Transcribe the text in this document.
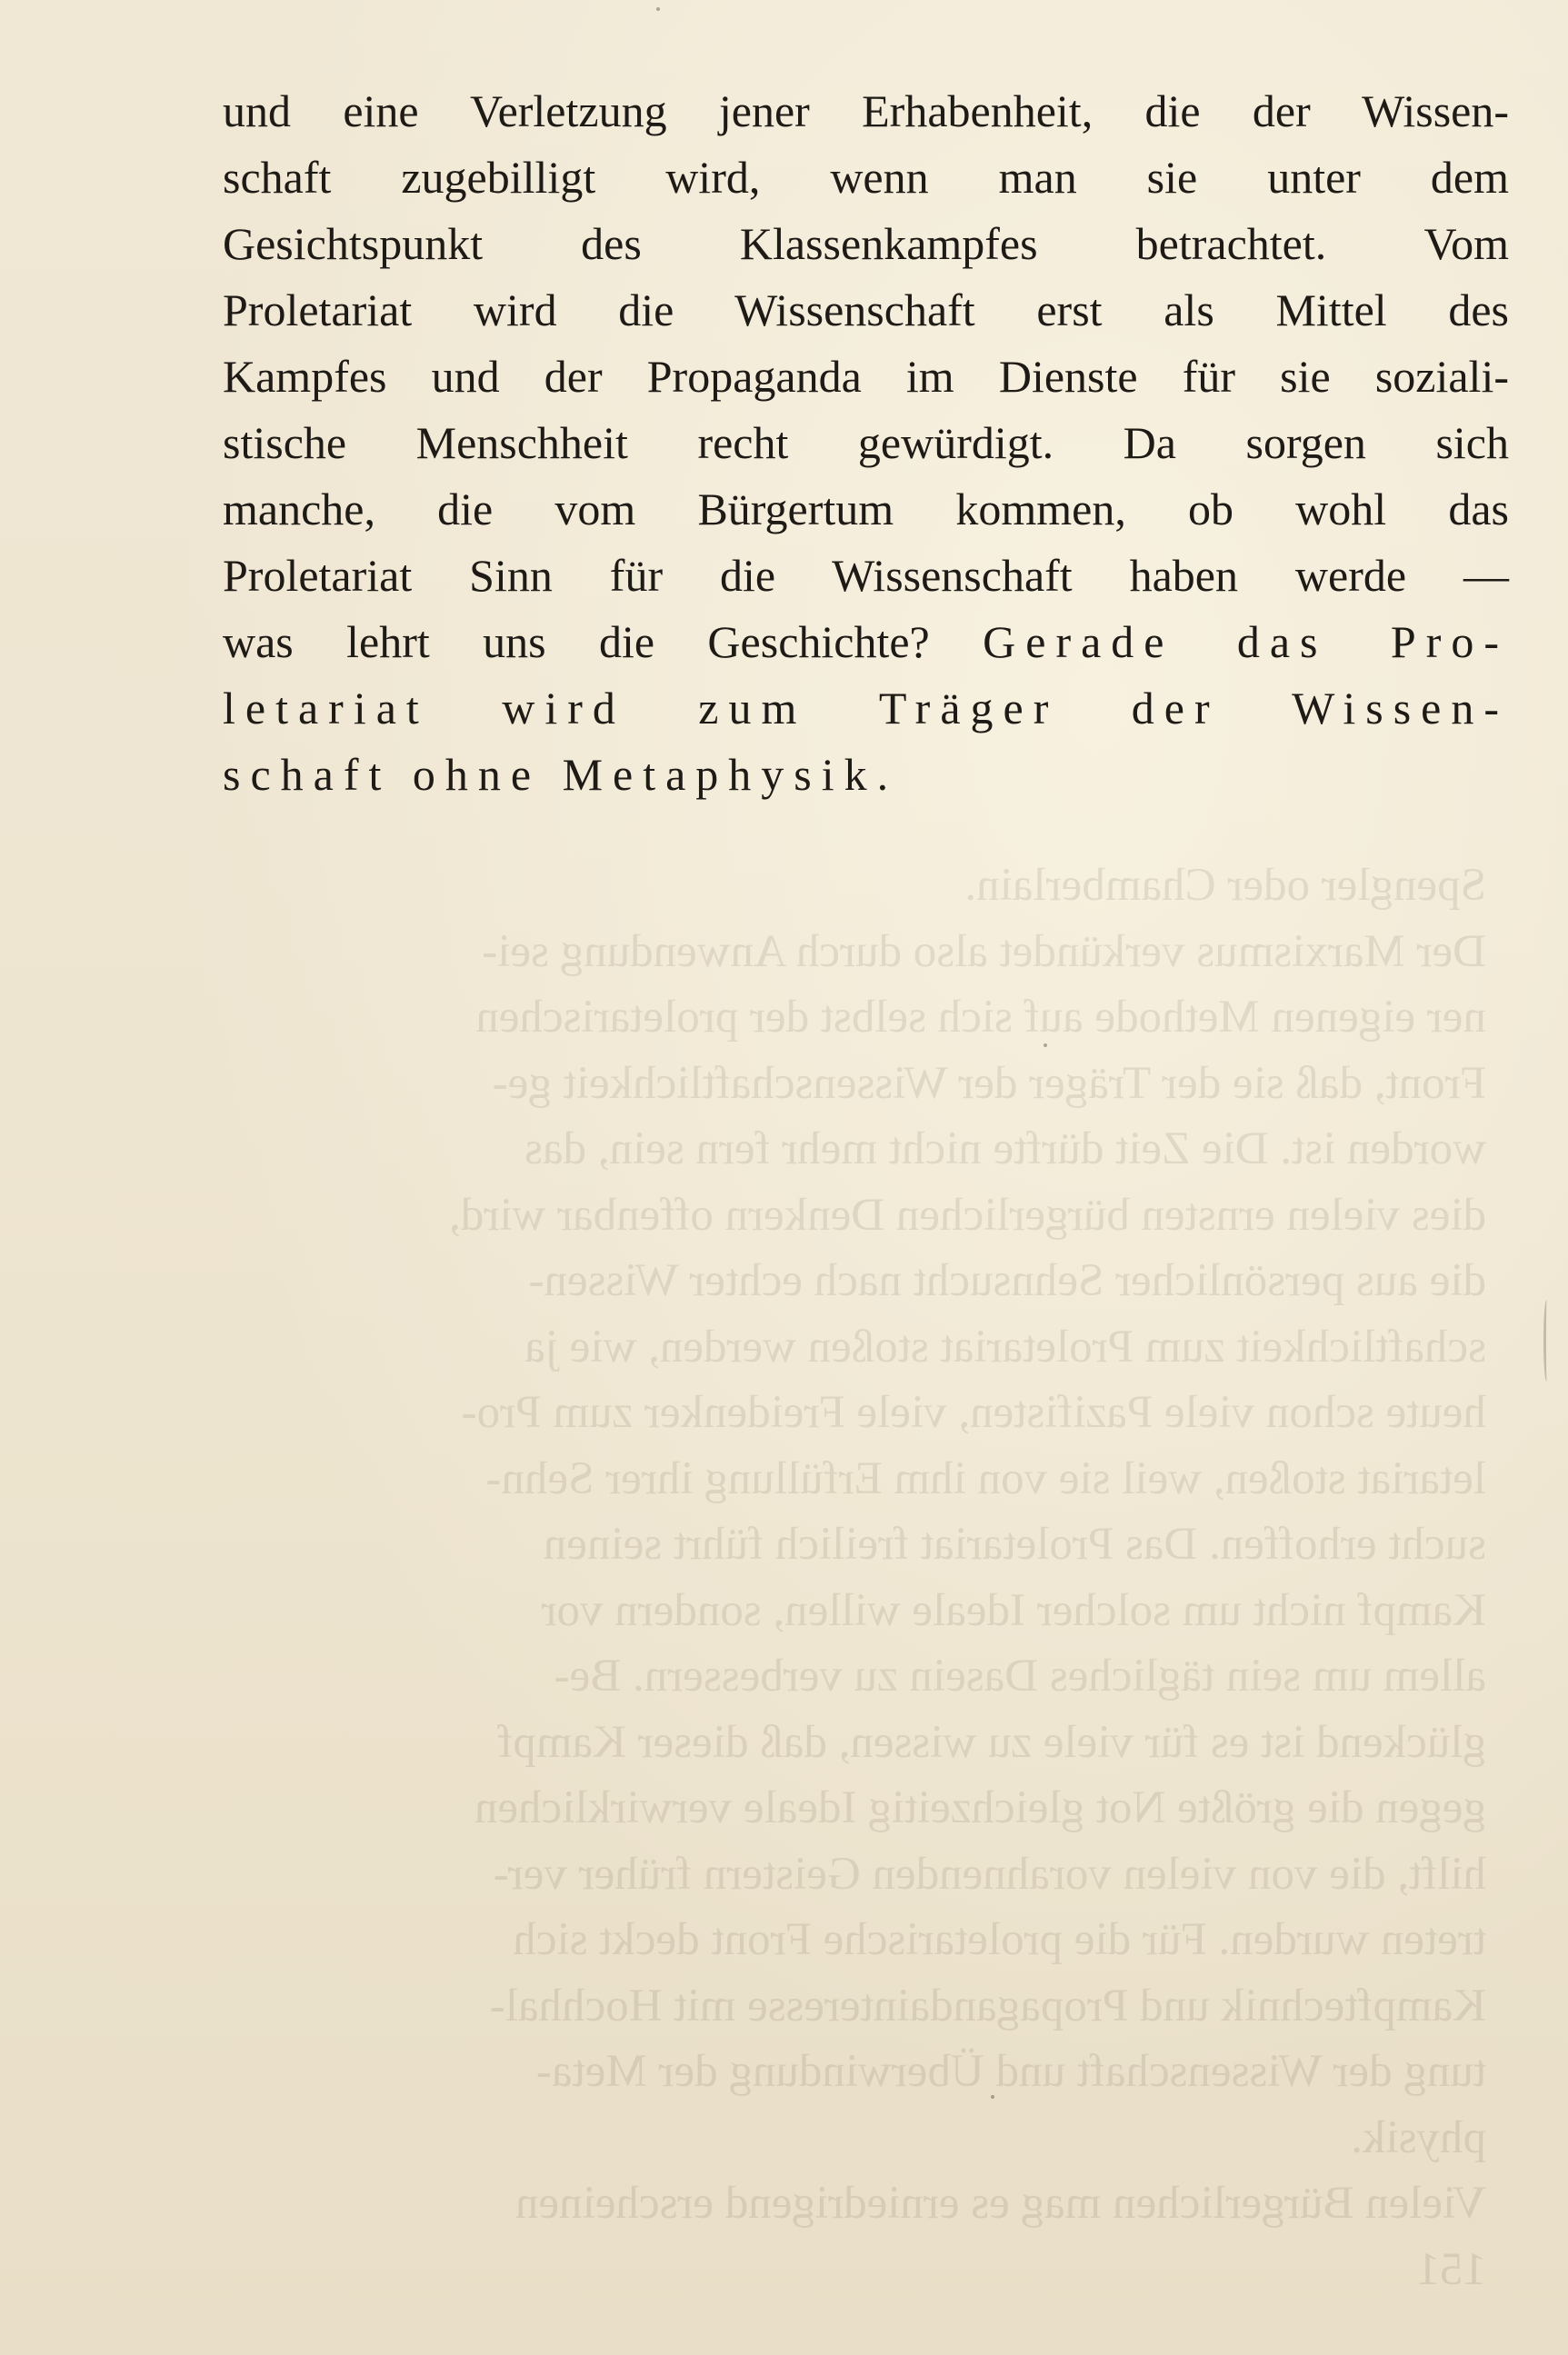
Spengler oder Chamberlain.
Der Marxismus verkündet also durch Anwendung sei-
ner eigenen Methode auf sich selbst der proletarischen
Front, daß sie der Träger der Wissenschaftlichkeit ge-
worden ist. Die Zeit dürfte nicht mehr fern sein, das
dies vielen ernsten bürgerlichen Denkern offenbar wird,
die aus persönlicher Sehnsucht nach echter Wissen-
schaftlichkeit zum Proletariat stoßen werden, wie ja
heute schon viele Pazifisten, viele Freidenker zum Pro-
letariat stoßen, weil sie von ihm Erfüllung ihrer Sehn-
sucht erhoffen. Das Proletariat freilich führt seinen
Kampf nicht um solcher Ideale willen, sondern vor
allem um sein tägliches Dasein zu verbessern. Be-
glückend ist es für viele zu wissen, daß dieser Kampf
gegen die größte Not gleichzeitig Ideale verwirklichen
hilft, die von vielen vorahnenden Geistern früher ver-
treten wurden. Für die proletarische Front deckt sich
Kampftechnik und Propagandainteresse mit Hochhal-
tung der Wissenschaft und Überwindung der Meta-
physik.
Vielen Bürgerlichen mag es erniedrigend erscheinen
151
und eine Verletzung jener Erhabenheit, die der Wissen-
schaft zugebilligt wird, wenn man sie unter dem
Gesichtspunkt des Klassenkampfes betrachtet. Vom
Proletariat wird die Wissenschaft erst als Mittel des
Kampfes und der Propaganda im Dienste für sie soziali-
stische Menschheit recht gewürdigt. Da sorgen sich
manche, die vom Bürgertum kommen, ob wohl das
Proletariat Sinn für die Wissenschaft haben werde —
was lehrt uns die Geschichte? Gerade das Pro-
letariat wird zum Träger der Wissen-
schaft ohne Metaphysik.
